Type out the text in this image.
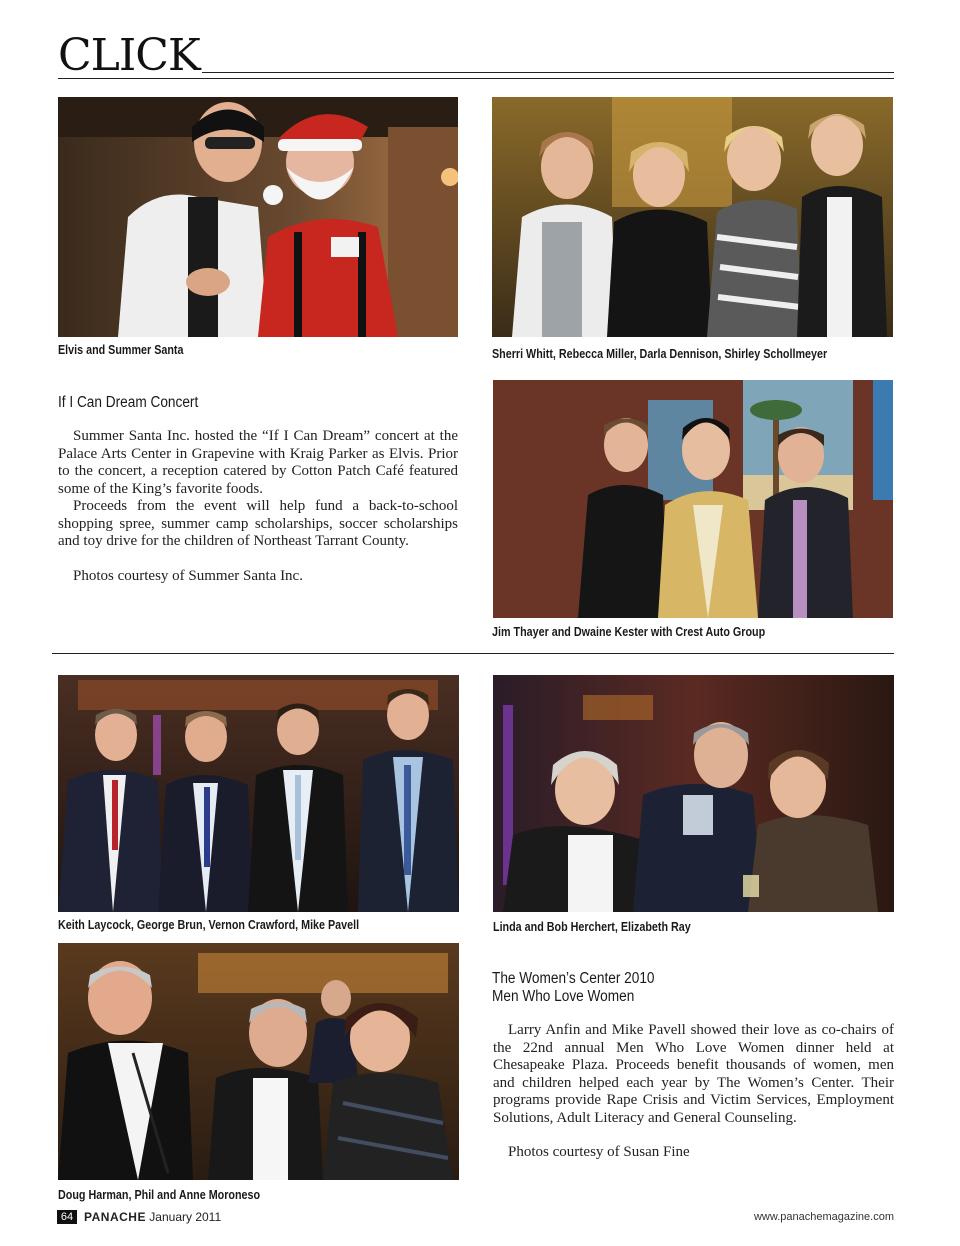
CLICK
Elvis and Summer Santa	Sherri Whitt, Rebecca Miller, Darla Dennison, Shirley Schollmeyer
If I Can Dream Concert

Summer Santa Inc. hosted the “If I Can Dream” concert at the Palace Arts Center in Grapevine with Kraig Parker as Elvis. Prior to the concert, a reception catered by Cotton Patch Café featured some of the King’s favorite foods.

Proceeds from the event will help fund a back-to-school shopping spree, summer camp scholarships, soccer scholarships and toy drive for the children of Northeast Tarrant County.

Photos courtesy of Summer Santa Inc.

Jim Thayer and Dwaine Kester with Crest Auto Group
Keith Laycock, George Brun, Vernon Crawford, Mike Pavell	Linda and Bob Herchert, Elizabeth Ray
Doug Harman, Phil and Anne Moroneso
The Women’s Center 2010
Men Who Love Women

Larry Anfin and Mike Pavell showed their love as co-chairs of the 22nd annual Men Who Love Women dinner held at Chesapeake Plaza. Proceeds benefit thousands of women, men and children helped each year by The Women’s Center. Their programs provide Rape Crisis and Victim Services, Employment Solutions, Adult Literacy and General Counseling.

Photos courtesy of Susan Fine

64 PANACHE January 2011	www.panachemagazine.com
